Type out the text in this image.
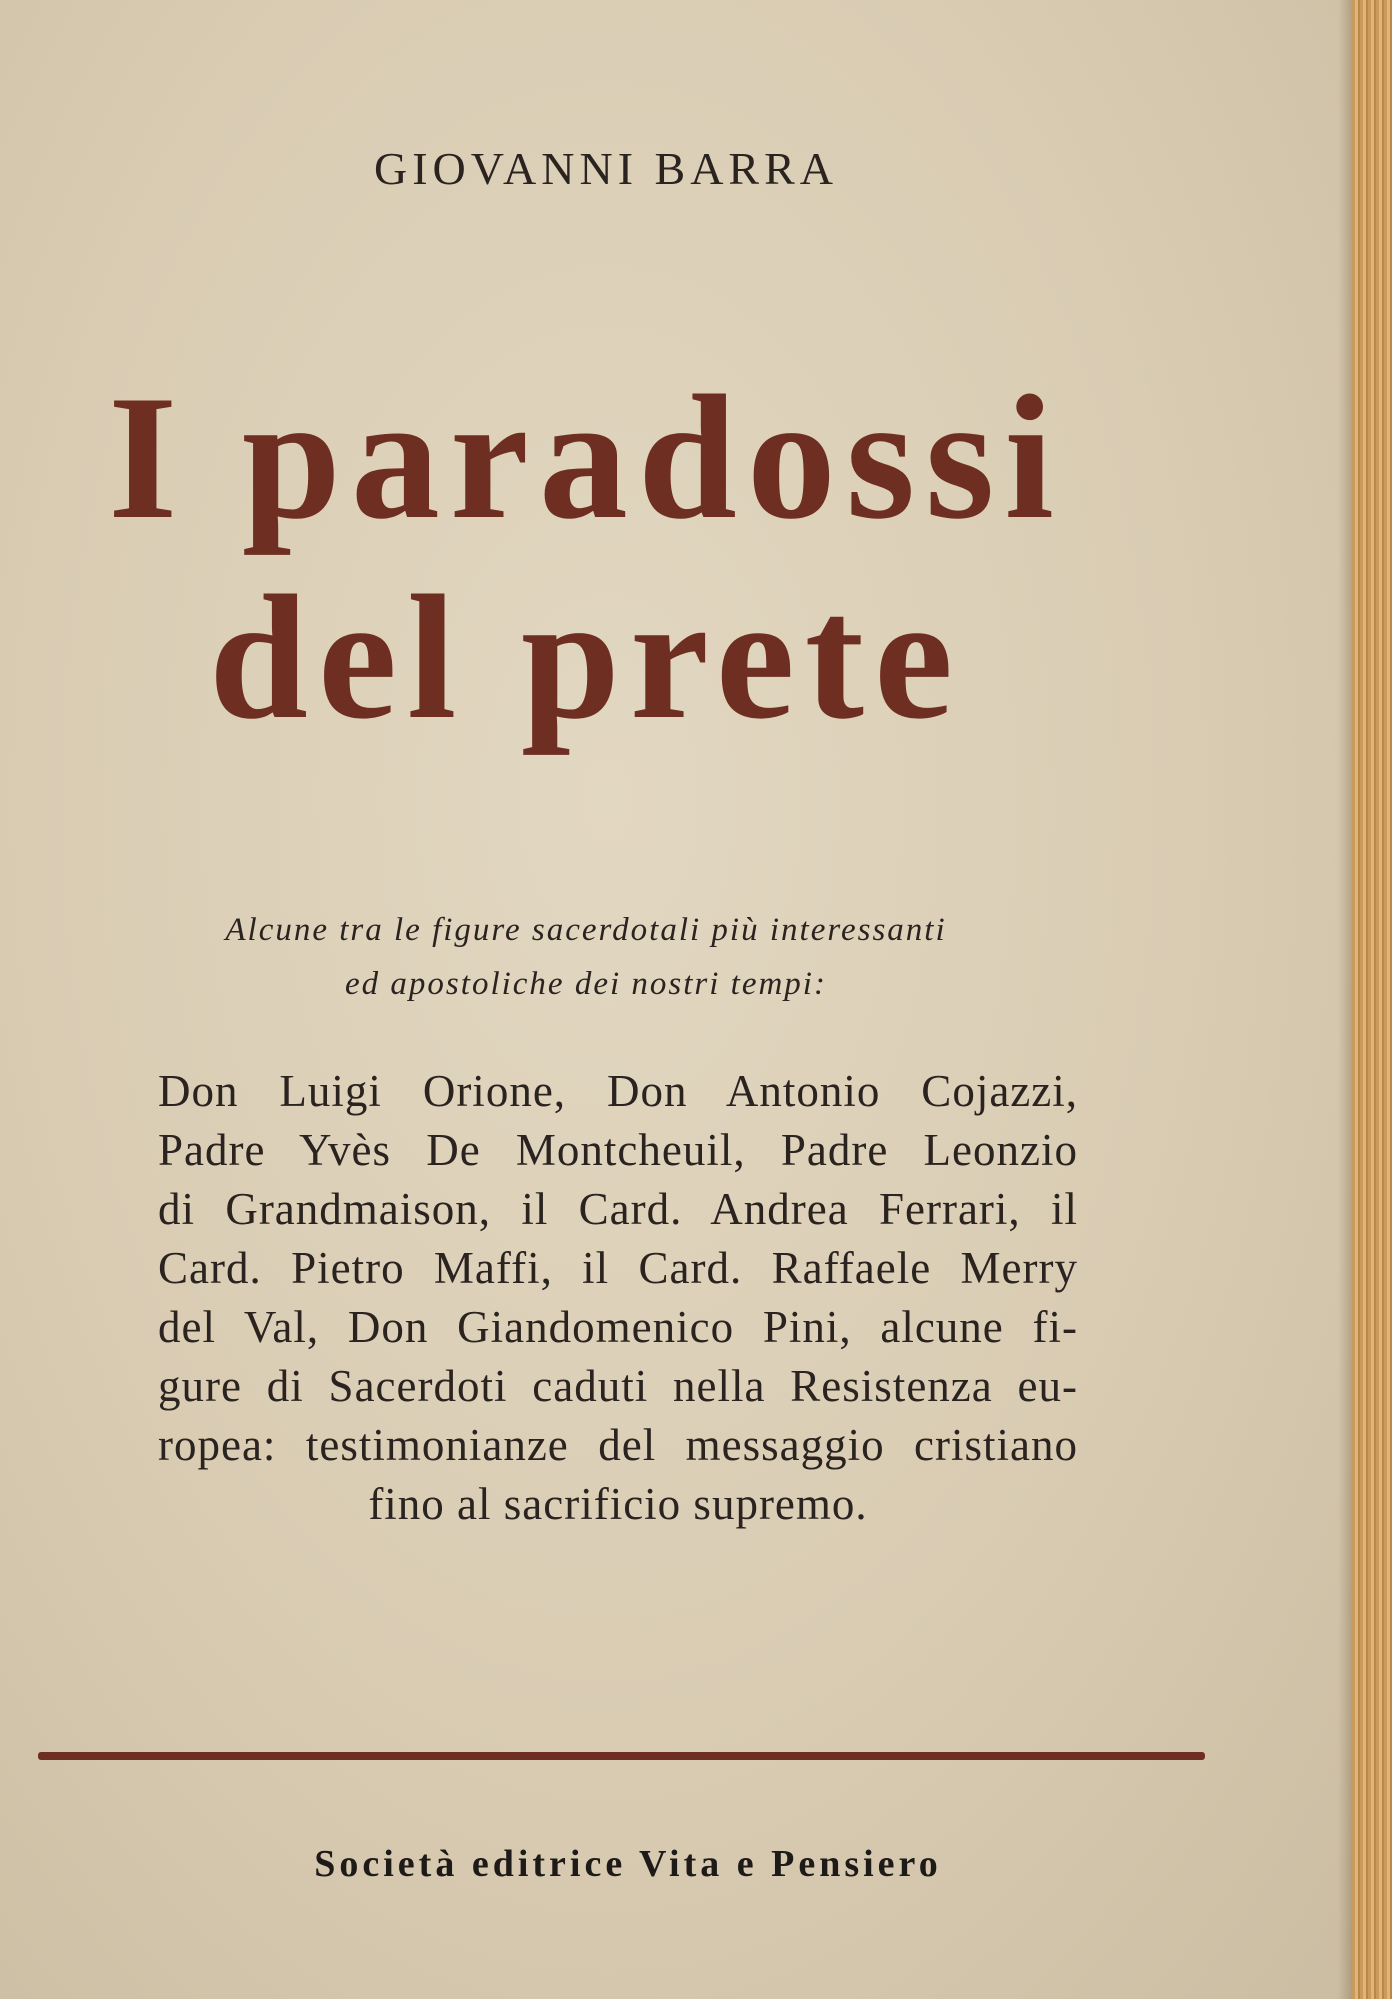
GIOVANNI BARRA
I paradossi
del prete
Alcune tra le figure sacerdotali più interessanti
ed apostoliche dei nostri tempi:
Don Luigi Orione, Don Antonio Cojazzi,
Padre Yvès De Montcheuil, Padre Leonzio
di Grandmaison, il Card. Andrea Ferrari, il
Card. Pietro Maffi, il Card. Raffaele Merry
del Val, Don Giandomenico Pini, alcune fi-
gure di Sacerdoti caduti nella Resistenza eu-
ropea: testimonianze del messaggio cristiano
fino al sacrificio supremo.
Società editrice Vita e Pensiero
